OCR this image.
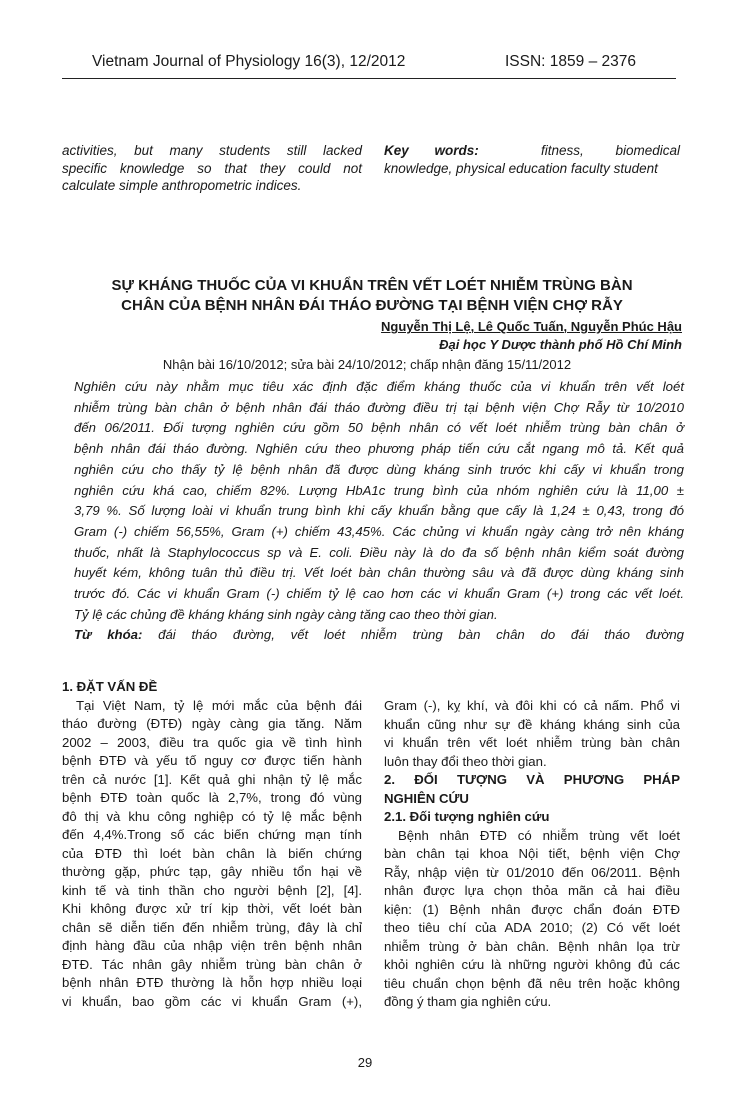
Vietnam Journal of Physiology 16(3), 12/2012	ISSN: 1859 – 2376

activities, but many students still lacked

specific knowledge so that they could not

calculate simple anthropometric indices.

Key words:	fitness, biomedical
knowledge, physical education faculty student

SỰ KHÁNG THUỐC CỦA VI KHUẨN TRÊN VẾT LOÉT NHIỄM TRÙNG BÀN

CHÂN CỦA BỆNH NHÂN ĐÁI THÁO ĐƯỜNG TẠI BỆNH VIỆN CHỢ RẪY

Nguyễn Thị Lệ, Lê Quốc Tuấn, Nguyễn Phúc Hậu

Đại học Y Dược thành phố Hồ Chí Minh

Nhận bài 16/10/2012; sửa bài 24/10/2012; chấp nhận đăng 15/11/2012

Nghiên cứu này nhằm mục tiêu xác định đặc điểm kháng thuốc của vi khuẩn trên vết loét

nhiễm trùng bàn chân ở bệnh nhân đái tháo đường điều trị tại bệnh viện Chợ Rẫy từ 10/2010

đến 06/2011. Đối tượng nghiên cứu gồm 50 bệnh nhân có vết loét nhiễm trùng bàn chân ở

bệnh nhân đái tháo đường. Nghiên cứu theo phương pháp tiến cứu cắt ngang mô tả. Kết quả

nghiên cứu cho thấy tỷ lệ bệnh nhân đã được dùng kháng sinh trước khi cấy vi khuẩn trong

nghiên cứu khá cao, chiếm 82%. Lượng HbA1c trung bình của nhóm nghiên cứu là 11,00 ±

3,79 %. Số lượng loài vi khuẩn trung bình khi cấy khuẩn bằng que cấy là 1,24 ± 0,43, trong đó

Gram (-) chiếm 56,55%, Gram (+) chiếm 43,45%. Các chủng vi khuẩn ngày càng trở nên kháng

thuốc, nhất là Staphylococcus sp và E. coli. Điều này là do đa số bệnh nhân kiểm soát đường

huyết kém, không tuân thủ điều trị. Vết loét bàn chân thường sâu và đã được dùng kháng sinh

trước đó. Các vi khuẩn Gram (-) chiếm tỷ lệ cao hơn các vi khuẩn Gram (+) trong các vết loét.

Tỷ lệ các chủng đề kháng kháng sinh ngày càng tăng cao theo thời gian.

Từ khóa: đái tháo đường, vết loét nhiễm trùng bàn chân do đái tháo đường

1. ĐẶT VẤN ĐỀ

Tại Việt Nam, tỷ lệ mới mắc của bệnh đái

tháo đường (ĐTĐ) ngày càng gia tăng. Năm

2002 – 2003, điều tra quốc gia về tình hình

bệnh ĐTĐ và yếu tố nguy cơ được tiến hành

trên cả nước [1]. Kết quả ghi nhận tỷ lệ mắc

bệnh ĐTĐ toàn quốc là 2,7%, trong đó vùng

đô thị và khu công nghiệp có tỷ lệ mắc bệnh

đến 4,4%.Trong số các biến chứng mạn tính

của ĐTĐ thì loét bàn chân là biến chứng

thường gặp, phức tạp, gây nhiều tổn hại về

kinh tế và tinh thần cho người bệnh [2], [4].

Khi không được xử trí kịp thời, vết loét bàn

chân sẽ diễn tiến đến nhiễm trùng, đây là chỉ

định hàng đầu của nhập viện trên bệnh nhân

ĐTĐ. Tác nhân gây nhiễm trùng bàn chân ở

bệnh nhân ĐTĐ thường là hỗn hợp nhiều loại

vi khuẩn, bao gồm các vi khuẩn Gram (+),

Gram (-), kỵ khí, và đôi khi có cả nấm. Phổ vi

khuẩn cũng như sự đề kháng kháng sinh của

vi khuẩn trên vết loét nhiễm trùng bàn chân

luôn thay đổi theo thời gian.

2. ĐỐI TƯỢNG VÀ PHƯƠNG PHÁP

NGHIÊN CỨU

2.1. Đối tượng nghiên cứu

Bệnh nhân ĐTĐ có nhiễm trùng vết loét

bàn chân tại khoa Nội tiết, bệnh viện Chợ

Rẫy, nhập viện từ 01/2010 đến 06/2011. Bệnh

nhân được lựa chọn thỏa mãn cả hai điều

kiện: (1) Bệnh nhân được chẩn đoán ĐTĐ

theo tiêu chí của ADA 2010; (2) Có vết loét

nhiễm trùng ở bàn chân. Bệnh nhân lọa trừ

khỏi nghiên cứu là những người không đủ các

tiêu chuẩn chọn bệnh đã nêu trên hoặc không

đồng ý tham gia nghiên cứu.

29
